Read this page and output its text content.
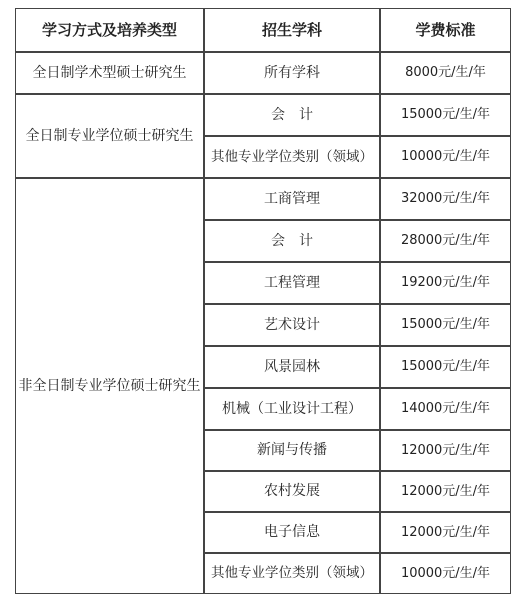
学习方式及培养类型	招生学科	学费标准
全日制学术型硕士研究生	所有学科	8000元/生/年
全日制专业学位硕士研究生
会计	15000元/生/年
其他专业学位类别（领域） 10000元/生/年
非全日制专业学位硕士研究生
工商管理	32000元/生/年
会计	28000元/生/年
工程管理	19200元/生/年
艺术设计	15000元/生/年
风景园林	15000元/生/年
机械（工业设计工程）	14000元/生/年
新闻与传播	12000元/生/年
农村发展	12000元/生/年
电子信息	12000元/生/年
其他专业学位类别（领域） 10000元/生/年
